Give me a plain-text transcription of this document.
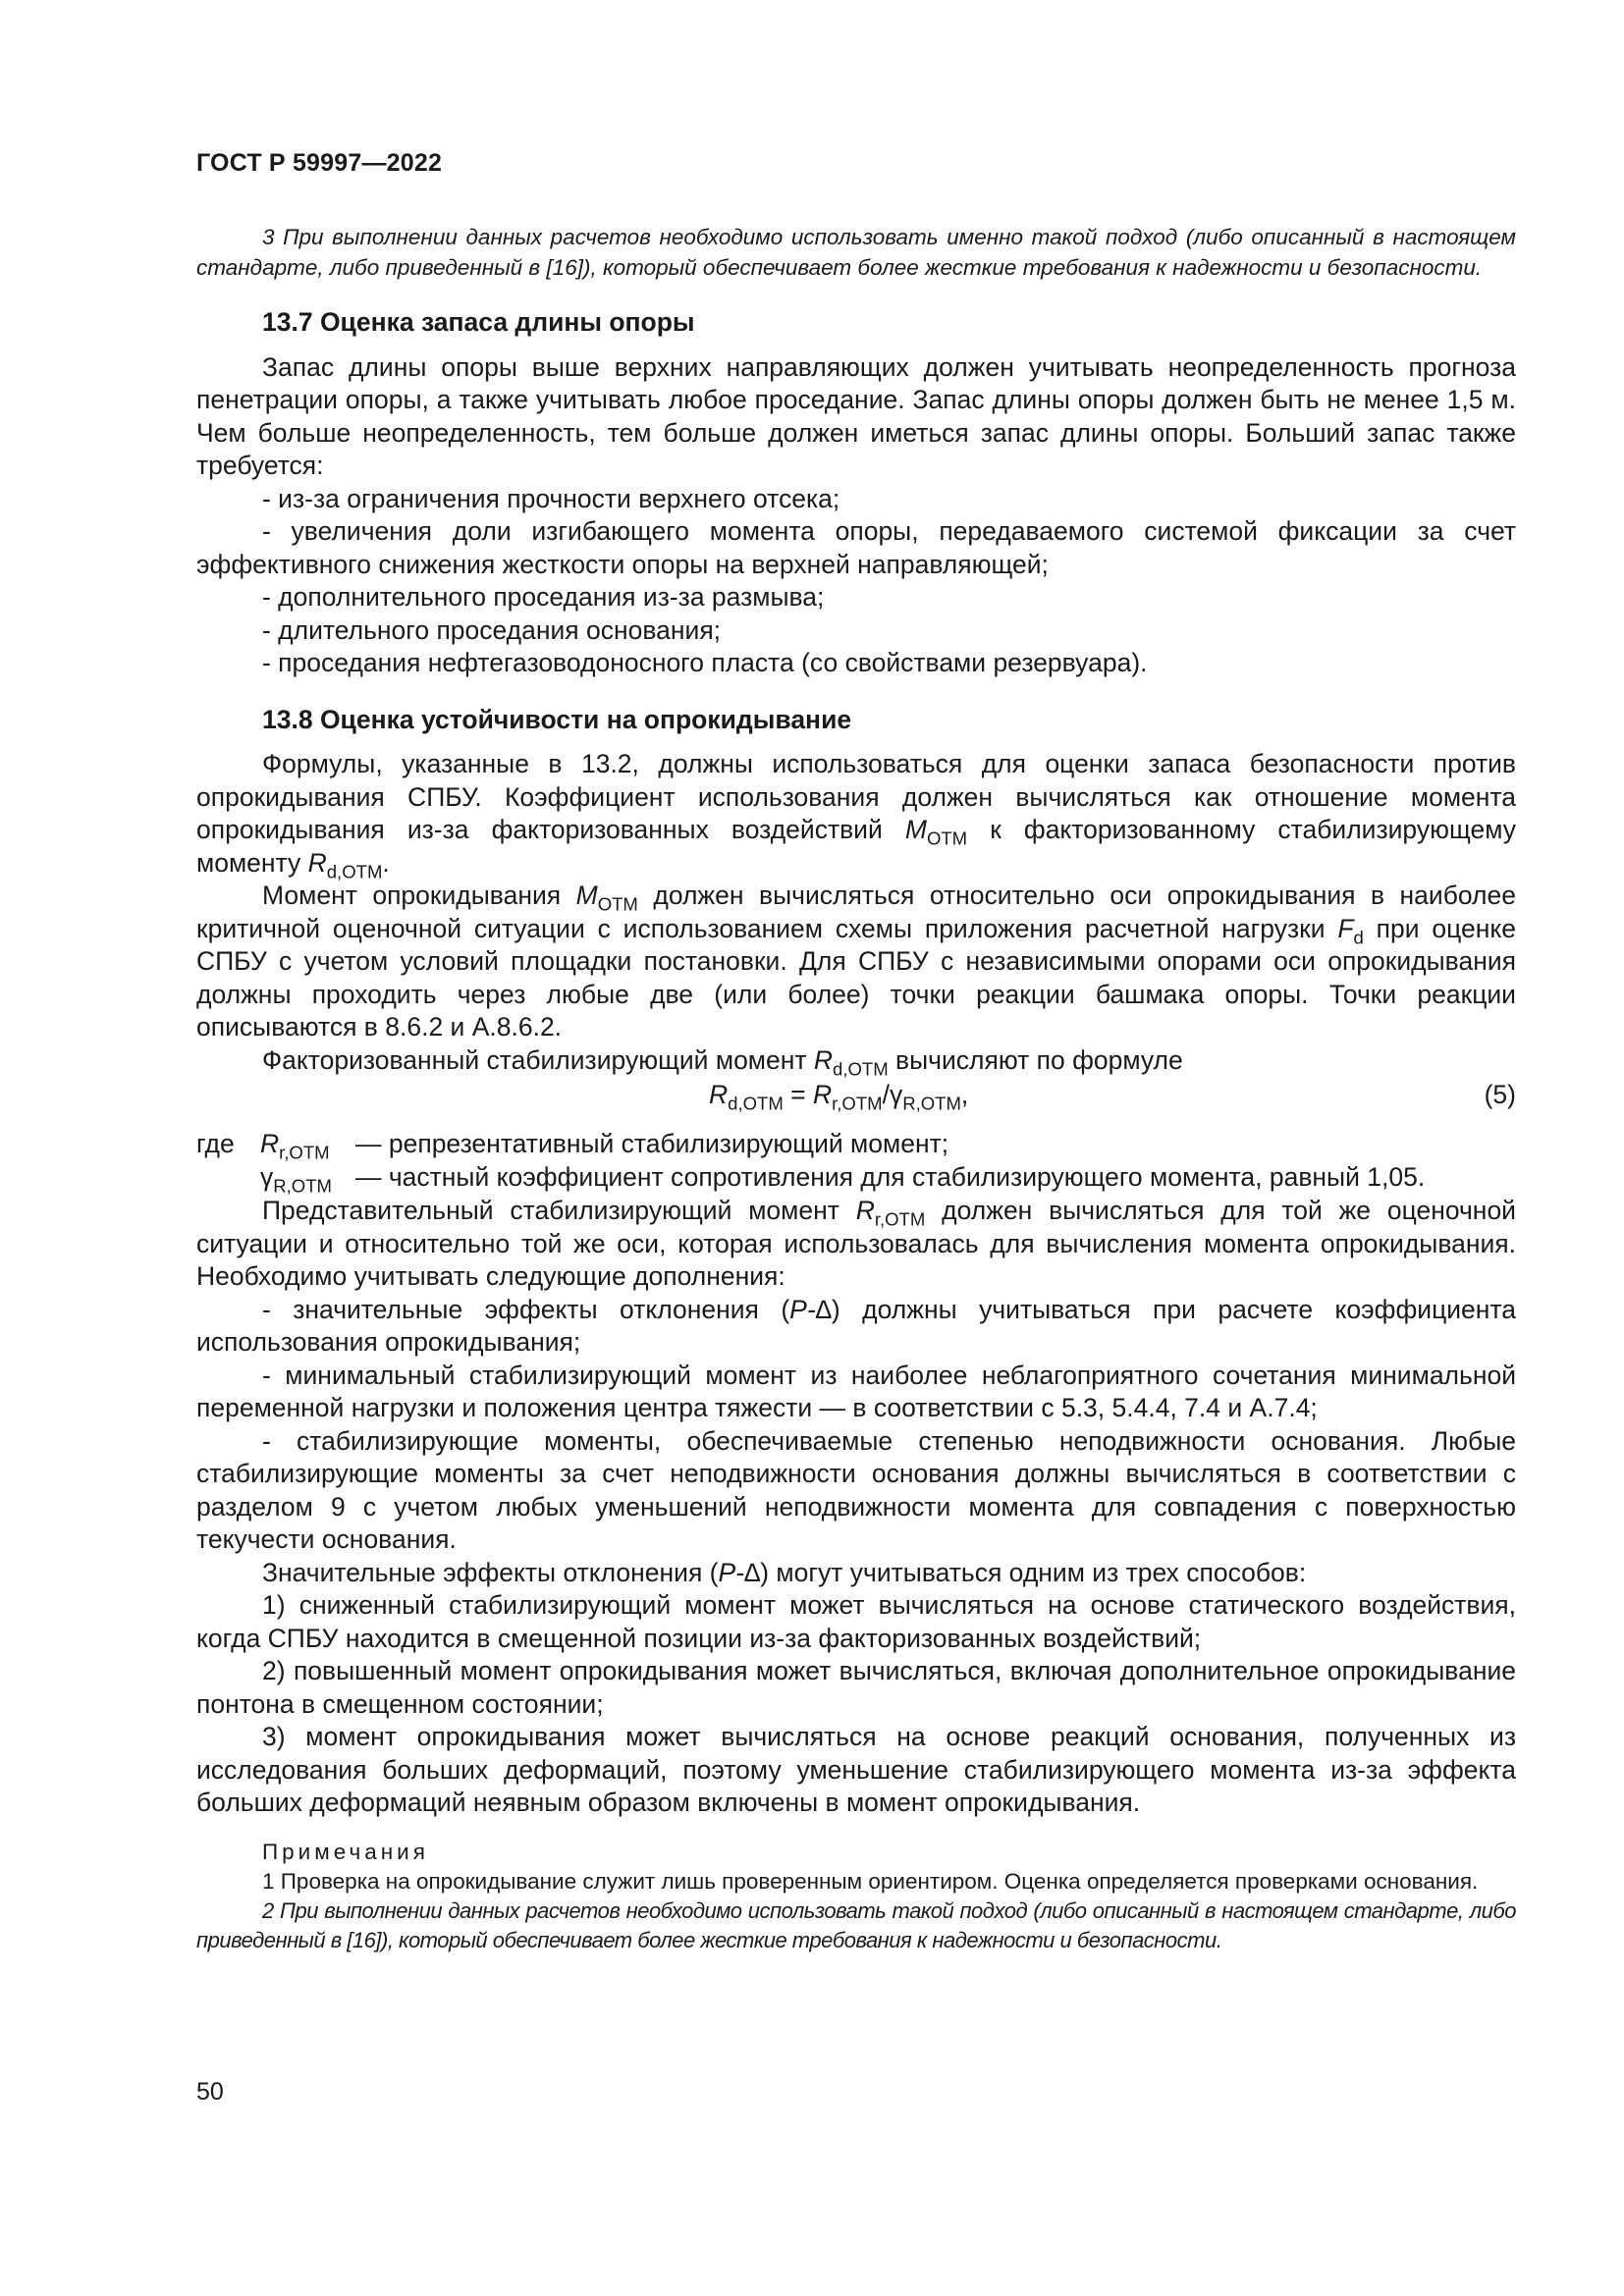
ГОСТ Р 59997—2022

3 При выполнении данных расчетов необходимо использовать именно такой подход (либо описанный в настоящем стандарте, либо приведенный в [16]), который обеспечивает более жесткие требования к надежности и безопасности.

13.7 Оценка запаса длины опоры

Запас длины опоры выше верхних направляющих должен учитывать неопределенность прогноза пенетрации опоры, а также учитывать любое проседание. Запас длины опоры должен быть не менее 1,5 м. Чем больше неопределенность, тем больше должен иметься запас длины опоры. Больший запас также требуется:

- из-за ограничения прочности верхнего отсека;

- увеличения доли изгибающего момента опоры, передаваемого системой фиксации за счет эффективного снижения жесткости опоры на верхней направляющей;

- дополнительного проседания из-за размыва;

- длительного проседания основания;

- проседания нефтегазоводоносного пласта (со свойствами резервуара).

13.8 Оценка устойчивости на опрокидывание

Формулы, указанные в 13.2, должны использоваться для оценки запаса безопасности против опрокидывания СПБУ. Коэффициент использования должен вычисляться как отношение момента опрокидывания из-за факторизованных воздействий $M_{OTM}$ к факторизованному стабилизирующему моменту $R_{d,OTM}$.

Момент опрокидывания $M_{OTM}$ должен вычисляться относительно оси опрокидывания в наиболее критичной оценочной ситуации с использованием схемы приложения расчетной нагрузки $F_d$ при оценке СПБУ с учетом условий площадки постановки. Для СПБУ с независимыми опорами оси опрокидывания должны проходить через любые две (или более) точки реакции башмака опоры. Точки реакции описываются в 8.6.2 и А.8.6.2.

Факторизованный стабилизирующий момент $R_{d,OTM}$ вычисляют по формуле

$R_{d,OTM} = R_{r,OTM}/\gamma_{R,OTM}$,	(5)
где $R_{r,OTM}$ — репрезентативный стабилизирующий момент;
$\gamma_{R,OTM}$ — частный коэффициент сопротивления для стабилизирующего момента, равный 1,05.

Представительный стабилизирующий момент $R_{r,OTM}$ должен вычисляться для той же оценочной ситуации и относительно той же оси, которая использовалась для вычисления момента опрокидывания. Необходимо учитывать следующие дополнения:

- значительные эффекты отклонения (P-∆) должны учитываться при расчете коэффициента использования опрокидывания;

- минимальный стабилизирующий момент из наиболее неблагоприятного сочетания минимальной переменной нагрузки и положения центра тяжести — в соответствии с 5.3, 5.4.4, 7.4 и А.7.4;

- стабилизирующие моменты, обеспечиваемые степенью неподвижности основания. Любые стабилизирующие моменты за счет неподвижности основания должны вычисляться в соответствии с разделом 9 с учетом любых уменьшений неподвижности момента для совпадения с поверхностью текучести основания.

Значительные эффекты отклонения (P-∆) могут учитываться одним из трех способов:

1) сниженный стабилизирующий момент может вычисляться на основе статического воздействия, когда СПБУ находится в смещенной позиции из-за факторизованных воздействий;

2) повышенный момент опрокидывания может вычисляться, включая дополнительное опрокидывание понтона в смещенном состоянии;

3) момент опрокидывания может вычисляться на основе реакций основания, полученных из исследования больших деформаций, поэтому уменьшение стабилизирующего момента из-за эффекта больших деформаций неявным образом включены в момент опрокидывания.

Примечания

1 Проверка на опрокидывание служит лишь проверенным ориентиром. Оценка определяется проверками основания.

2 При выполнении данных расчетов необходимо использовать такой подход (либо описанный в настоящем стандарте, либо приведенный в [16]), который обеспечивает более жесткие требования к надежности и безопасности.

50
